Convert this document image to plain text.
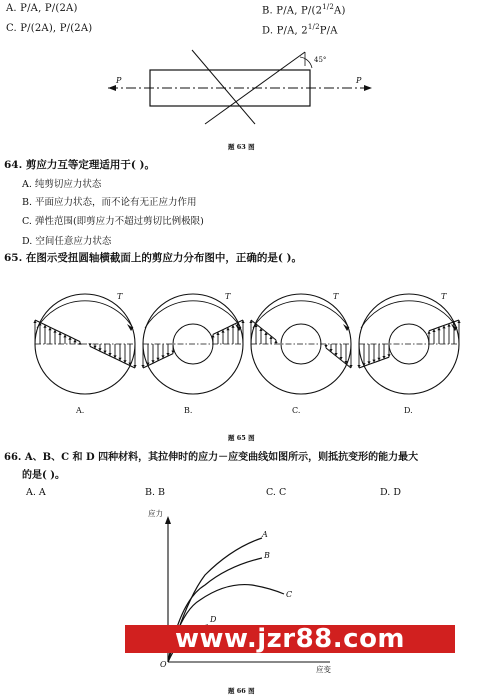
A. P/A, P/(2A)	B. P/A, $P/(2^{1/2}A)$
C. P/(2A), P/(2A)	D. P/A, $2^{1/2}P/A$
P	P
45°
题 63 图
64. 剪应力互等定理适用于( )。
A. 纯剪切应力状态
B. 平面应力状态，而不论有无正应力作用
C. 弹性范围(即剪应力不超过剪切比例极限)
D. 空间任意应力状态
65. 在图示受扭圆轴横截面上的剪应力分布图中，正确的是( )。
T	T	T	T
A.	B.	C.	D.
题 65 图
66. A、B、C 和 D 四种材料，其拉伸时的应力－应变曲线如图所示，则抵抗变形的能力最大
的是( )。
A. A	B. B	C. C	D. D
应力
应变
O
A
B
C
D
www.jzr88.com
题 66 图
